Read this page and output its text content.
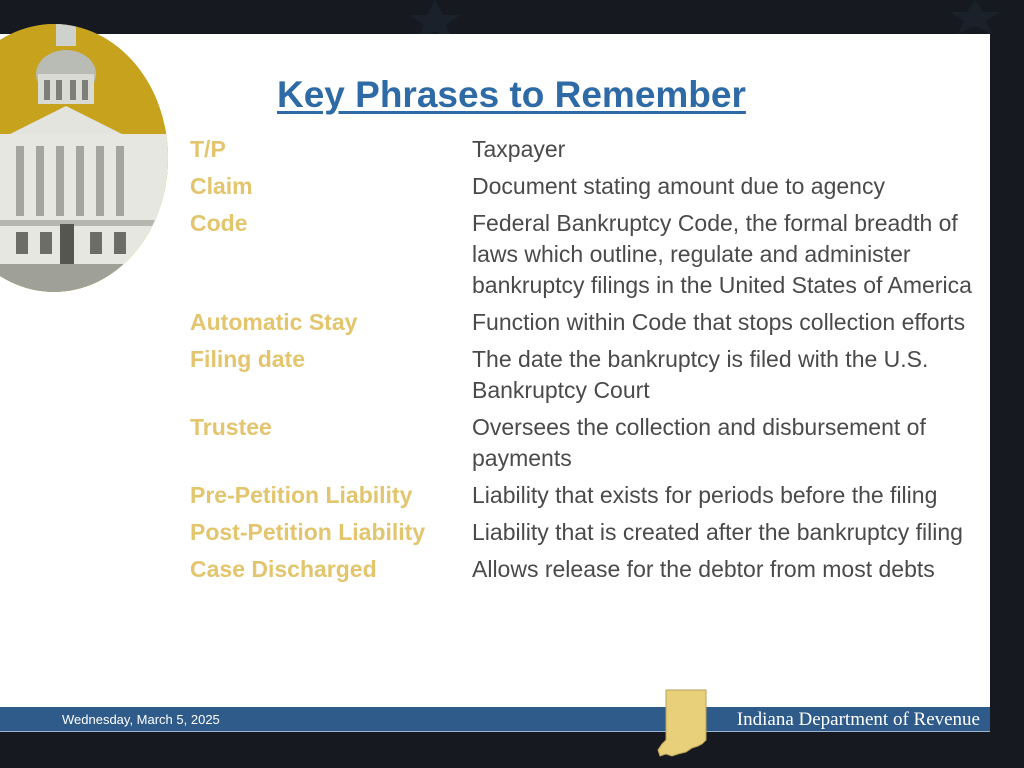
Key Phrases to Remember
T/P	Taxpayer
Claim	Document stating amount due to agency
Code	Federal Bankruptcy Code, the formal breadth of laws which outline, regulate and administer bankruptcy filings in the United States of America
Automatic Stay	Function within Code that stops collection efforts
Filing date	The date the bankruptcy is filed with the U.S. Bankruptcy Court
Trustee	Oversees the collection and disbursement of payments
Pre-Petition Liability	Liability that exists for periods before the filing
Post-Petition Liability	Liability that is created after the bankruptcy filing
Case Discharged	Allows release for the debtor from most debts
Wednesday, March 5, 2025	Indiana Department of Revenue
